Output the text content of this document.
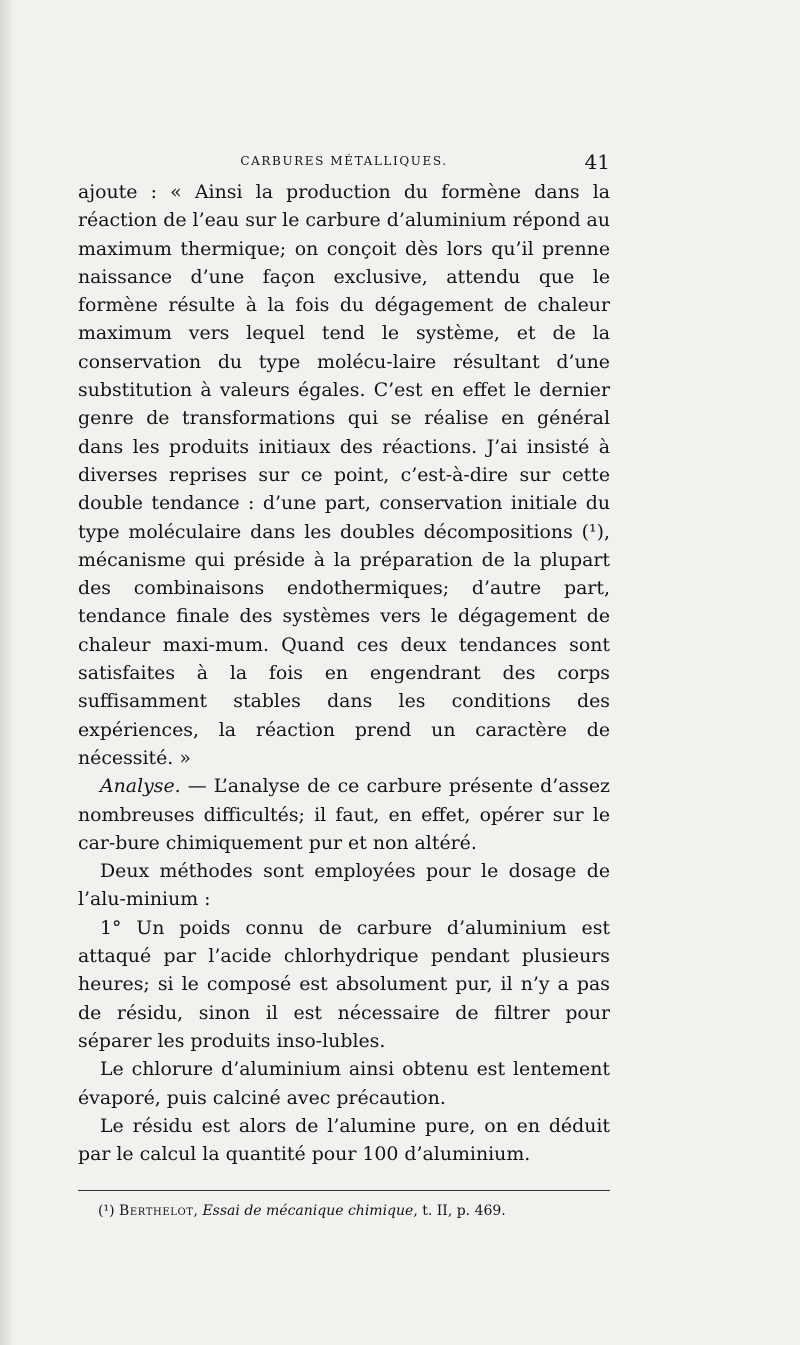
CARBURES MÉTALLIQUES.	41

ajoute : « Ainsi la production du formène dans la réaction de l’eau sur le carbure d’aluminium répond au maximum thermique; on conçoit dès lors qu’il prenne naissance d’une façon exclusive, attendu que le formène résulte à la fois du dégagement de chaleur maximum vers lequel tend le système, et de la conservation du type molécu-laire résultant d’une substitution à valeurs égales. C’est en effet le dernier genre de transformations qui se réalise en général dans les produits initiaux des réactions. J’ai insisté à diverses reprises sur ce point, c’est-à-dire sur cette double tendance : d’une part, conservation initiale du type moléculaire dans les doubles décompositions (¹), mécanisme qui préside à la préparation de la plupart des combinaisons endothermiques; d’autre part, tendance finale des systèmes vers le dégagement de chaleur maxi-mum. Quand ces deux tendances sont satisfaites à la fois en engendrant des corps suffisamment stables dans les conditions des expériences, la réaction prend un caractère de nécessité. »

Analyse. — L’analyse de ce carbure présente d’assez nombreuses difficultés; il faut, en effet, opérer sur le car-bure chimiquement pur et non altéré.

Deux méthodes sont employées pour le dosage de l’alu-minium :

1° Un poids connu de carbure d’aluminium est attaqué par l’acide chlorhydrique pendant plusieurs heures; si le composé est absolument pur, il n’y a pas de résidu, sinon il est nécessaire de filtrer pour séparer les produits inso-lubles.

Le chlorure d’aluminium ainsi obtenu est lentement évaporé, puis calciné avec précaution.

Le résidu est alors de l’alumine pure, on en déduit par le calcul la quantité pour 100 d’aluminium.

(¹) Berthelot, Essai de mécanique chimique, t. II, p. 469.
